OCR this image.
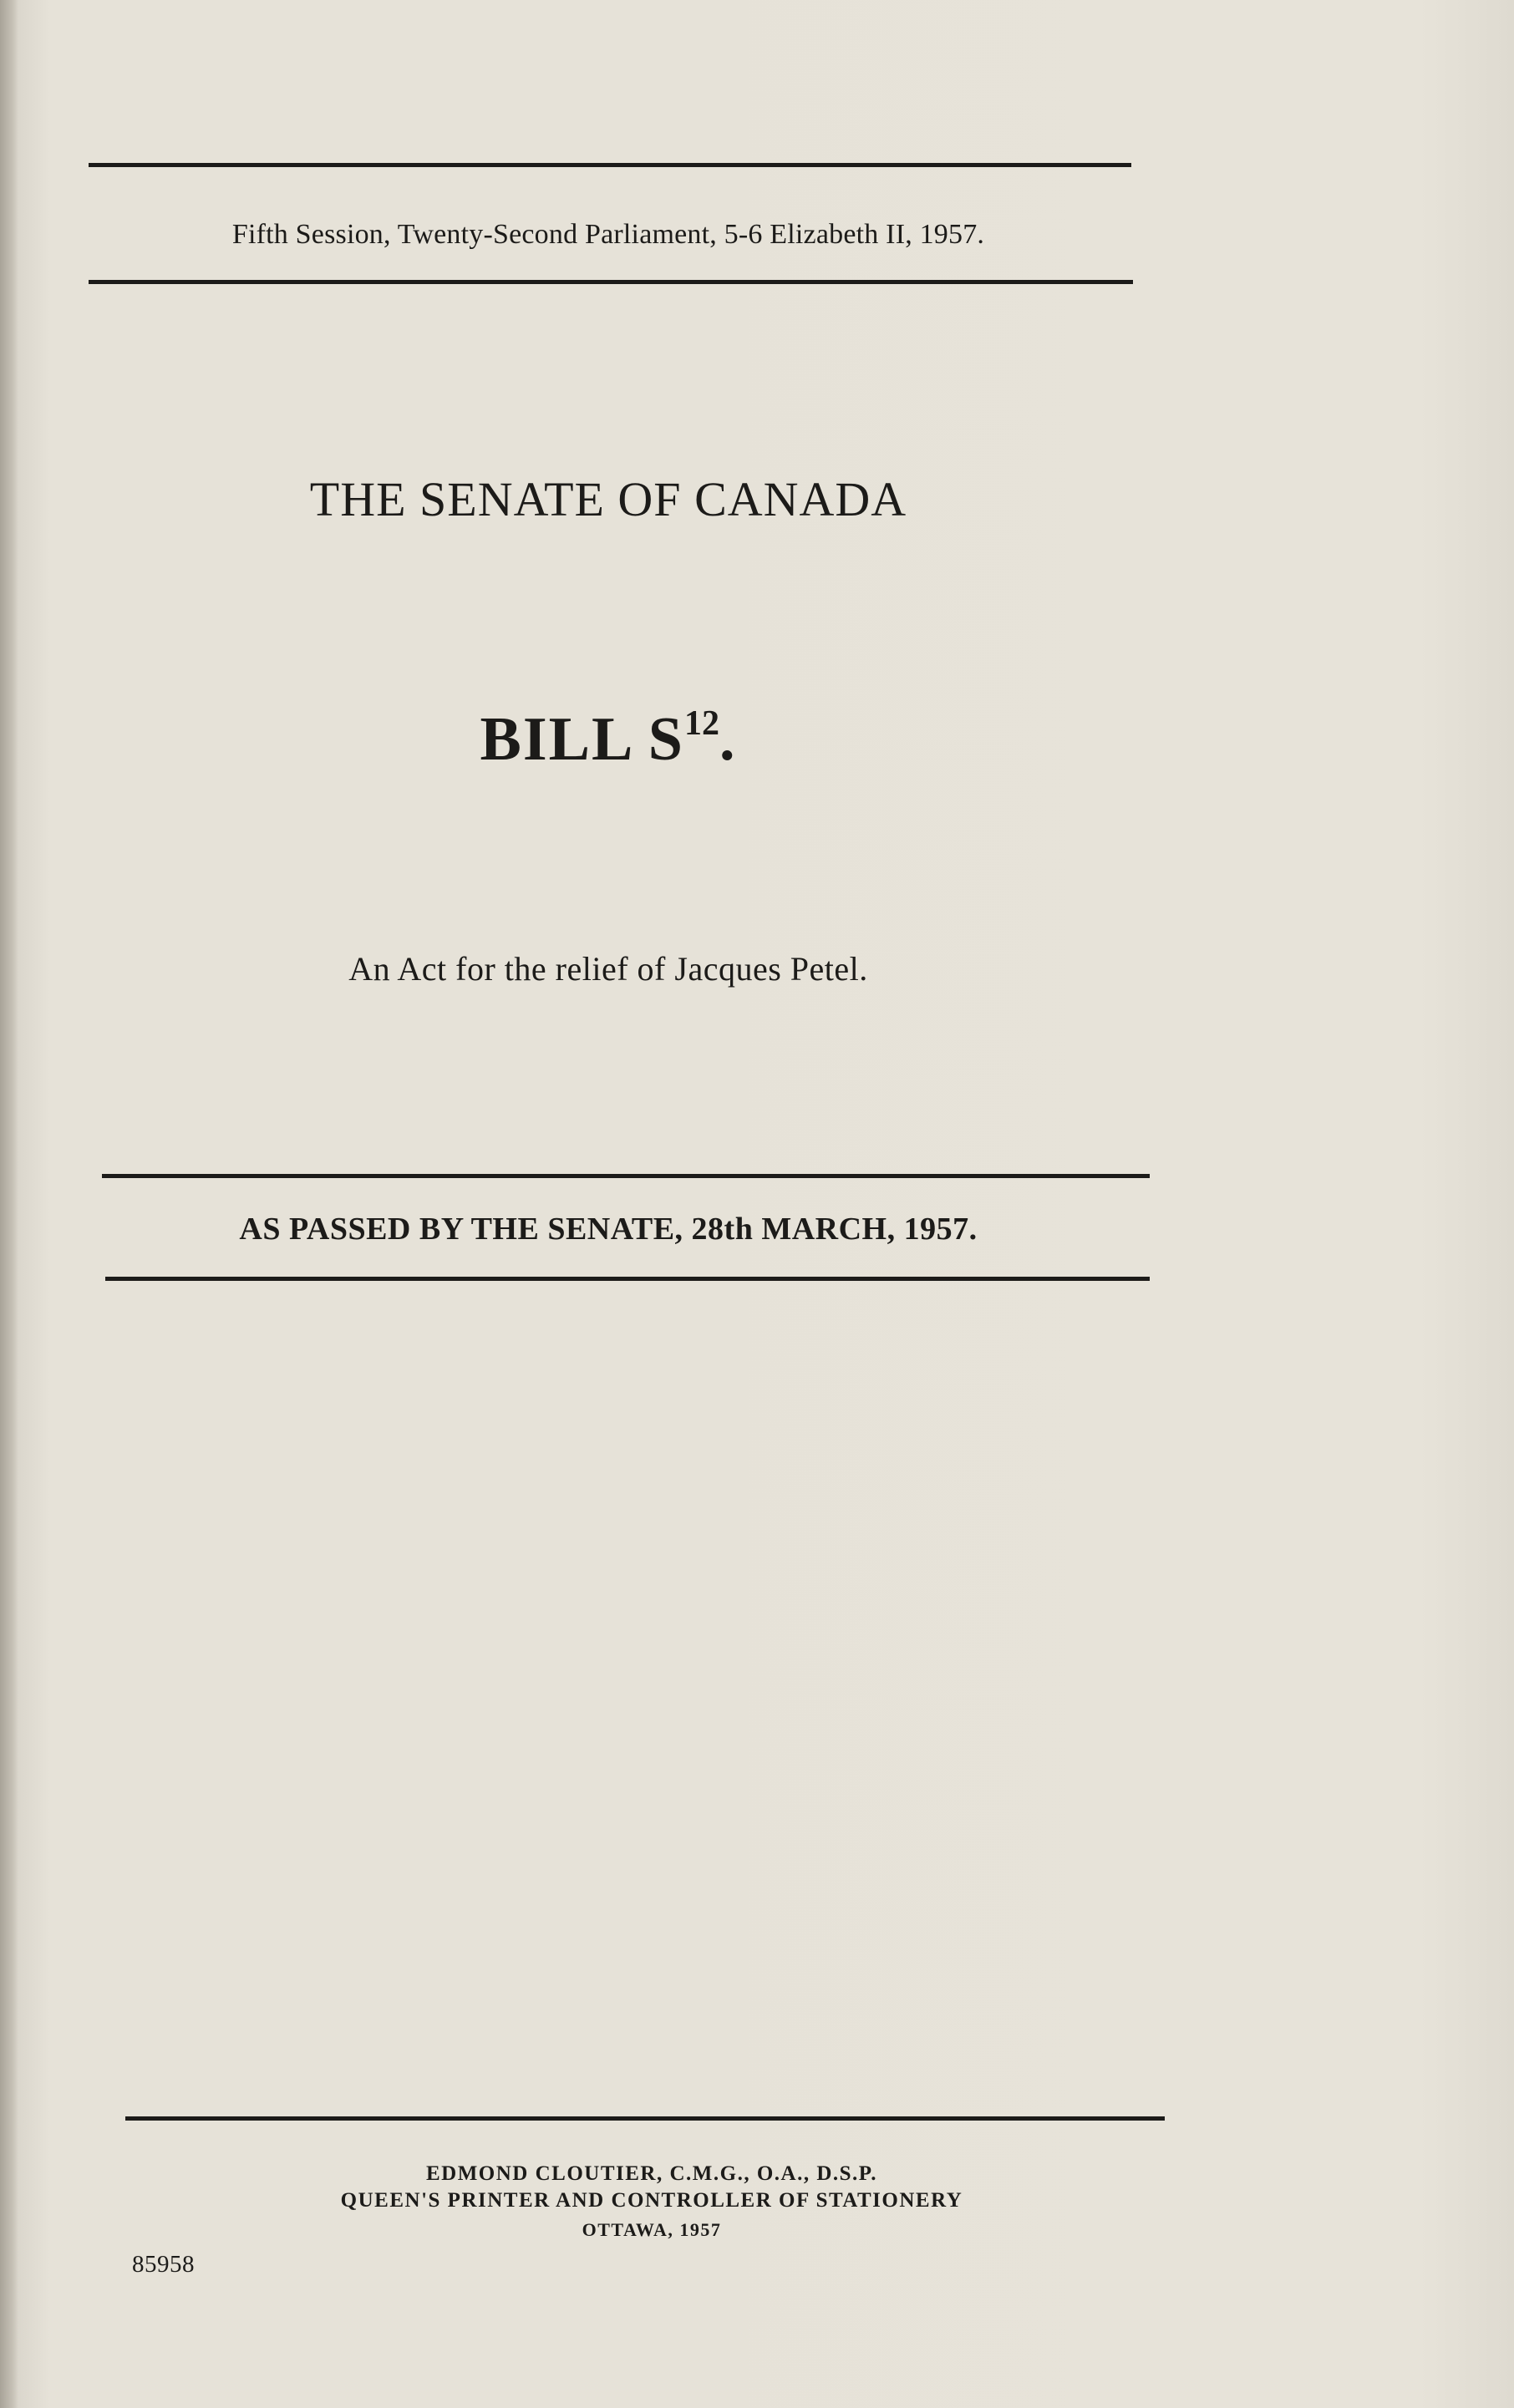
Fifth Session, Twenty-Second Parliament, 5-6 Elizabeth II, 1957.

THE SENATE OF CANADA
BILL $S^{12}$.

An Act for the relief of Jacques Petel.

AS PASSED BY THE SENATE, 28th MARCH, 1957.

EDMOND CLOUTIER, C.M.G., O.A., D.S.P.

QUEEN'S PRINTER AND CONTROLLER OF STATIONERY

OTTAWA, 1957

85958
